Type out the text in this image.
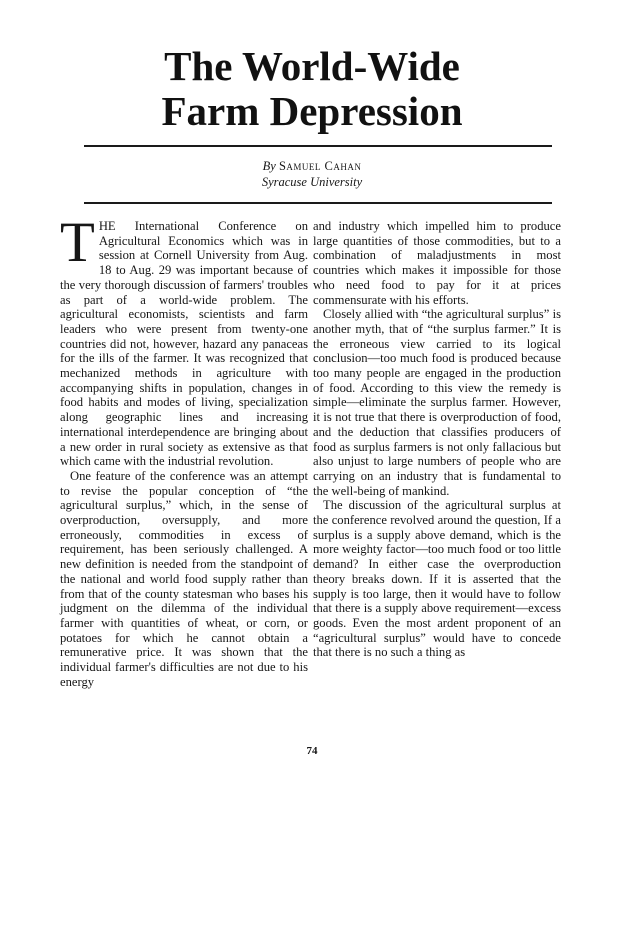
The World-Wide
Farm Depression
By Samuel Cahan
Syracuse University

THE International Conference on Agricultural Economics which was in session at Cornell University from Aug. 18 to Aug. 29 was important because of the very thorough discussion of farmers' troubles as part of a world-wide problem. The agricultural economists, scientists and farm leaders who were present from twenty-one countries did not, however, hazard any panaceas for the ills of the farmer. It was recognized that mechanized methods in agriculture with accompanying shifts in population, changes in food habits and modes of living, specialization along geographic lines and increasing international interdependence are bringing about a new order in rural society as extensive as that which came with the industrial revolution.

One feature of the conference was an attempt to revise the popular conception of “the agricultural surplus,” which, in the sense of overproduction, oversupply, and more erroneously, commodities in excess of requirement, has been seriously challenged. A new definition is needed from the standpoint of the national and world food supply rather than from that of the county statesman who bases his judgment on the dilemma of the individual farmer with quantities of wheat, or corn, or potatoes for which he cannot obtain a remunerative price. It was shown that the individual farmer's difficulties are not due to his energy

and industry which impelled him to produce large quantities of those commodities, but to a combination of maladjustments in most countries which makes it impossible for those who need food to pay for it at prices commensurate with his efforts.

Closely allied with “the agricultural surplus” is another myth, that of “the surplus farmer.” It is the erroneous view carried to its logical conclusion—too much food is produced because too many people are engaged in the production of food. According to this view the remedy is simple—eliminate the surplus farmer. However, it is not true that there is overproduction of food, and the deduction that classifies producers of food as surplus farmers is not only fallacious but also unjust to large numbers of people who are carrying on an industry that is fundamental to the well-being of mankind.

The discussion of the agricultural surplus at the conference revolved around the question, If a surplus is a supply above demand, which is the more weighty factor—too much food or too little demand? In either case the overproduction theory breaks down. If it is asserted that the supply is too large, then it would have to follow that there is a supply above requirement—excess goods. Even the most ardent proponent of an “agricultural surplus” would have to concede that there is no such a thing as

74
